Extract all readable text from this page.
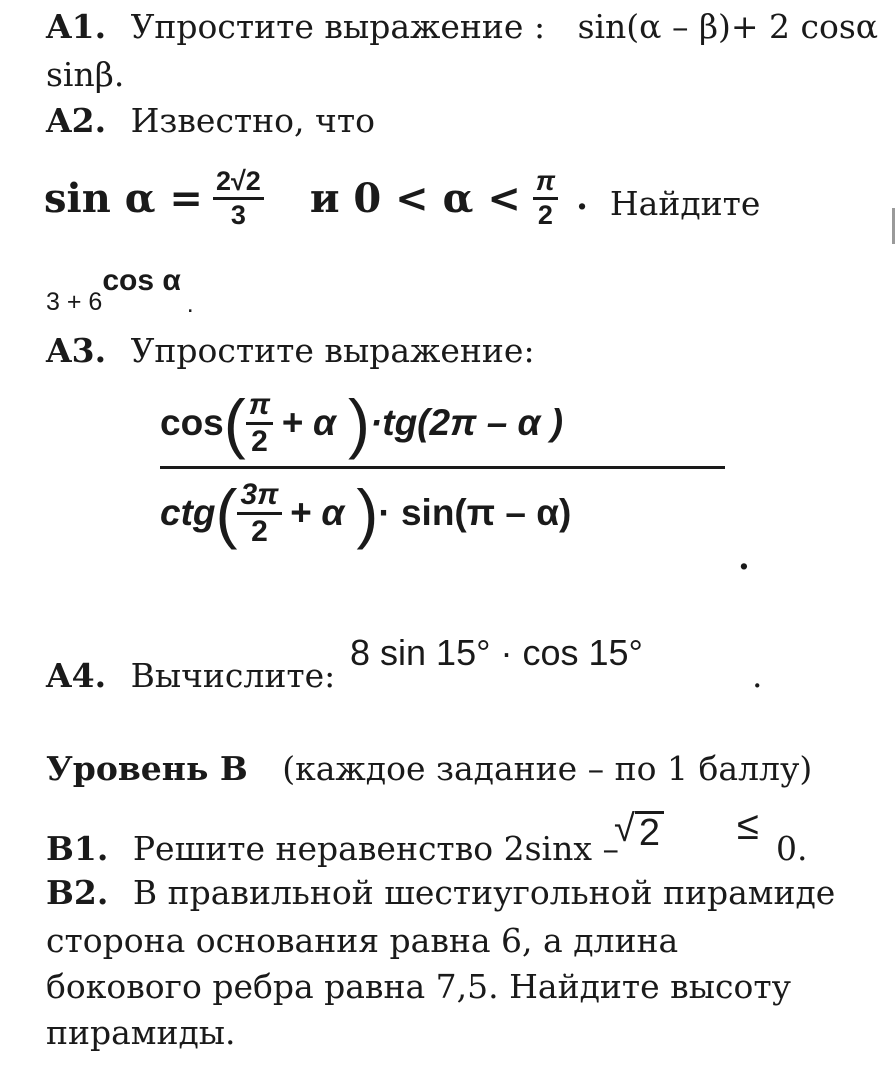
A1. Упростите выражение : sin(α – β)+ 2 cosα
sinβ.
A2. Известно, что
$\sin \alpha = \frac{2√2}{3}$ и $0 < \alpha < \frac{\pi}{2}$ . Найдите
3 + 6cos α.
A3. Упростите выражение:
cos ( $\frac{\pi}{2} + \alpha$ ) ·tg(2π – α )
ctg ( $\frac{3\pi}{2} + \alpha$ ) · sin(π – α)
.
A4. Вычислите:
8 sin 15° · cos 15°
.
Уровень В (каждое задание – по 1 баллу)
B1. Решите неравенство 2sinx –
√ 2 ≤
0.
B2. В правильной шестиугольной пирамиде
сторона основания равна 6, а длина
бокового ребра равна 7,5. Найдите высоту
пирамиды.
